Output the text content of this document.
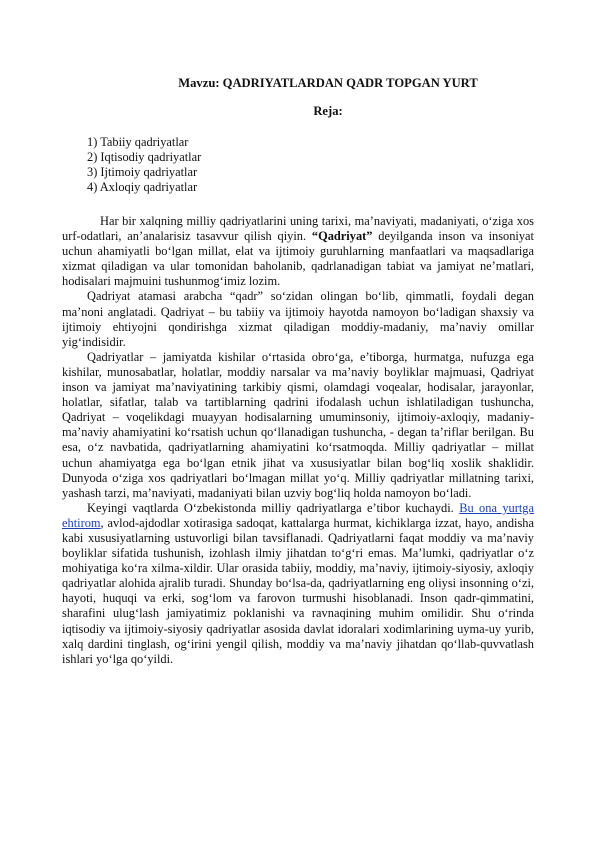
Mavzu: QADRIYATLARDAN QADR TOPGAN YURT
Reja:
1) Tabiiy qadriyatlar
2) Iqtisodiy qadriyatlar
3) Ijtimoiy qadriyatlar
4) Axloqiy qadriyatlar

Har bir xalqning milliy qadriyatlarini uning tarixi, ma’naviyati, madaniyati, o‘ziga xos urf-odatlari, an’analarisiz tasavvur qilish qiyin. “Qadriyat” deyilganda inson va insoniyat uchun ahamiyatli bo‘lgan millat, elat va ijtimoiy guruhlarning manfaatlari va maqsadlariga xizmat qiladigan va ular tomonidan baholanib, qadrlanadigan tabiat va jamiyat ne’matlari, hodisalari majmuini tushunmog‘imiz lozim.

Qadriyat atamasi arabcha “qadr” so‘zidan olingan bo‘lib, qimmatli, foydali degan ma’noni anglatadi. Qadriyat – bu tabiiy va ijtimoiy hayotda namoyon bo‘ladigan shaxsiy va ijtimoiy ehtiyojni qondirishga xizmat qiladigan moddiy-madaniy, ma’naviy omillar yig‘indisidir.

Qadriyatlar – jamiyatda kishilar o‘rtasida obro‘ga, e’tiborga, hurmatga, nufuzga ega kishilar, munosabatlar, holatlar, moddiy narsalar va ma’naviy boyliklar majmuasi, Qadriyat inson va jamiyat ma’naviyatining tarkibiy qismi, olamdagi voqealar, hodisalar, jarayonlar, holatlar, sifatlar, talab va tartiblarning qadrini ifodalash uchun ishlatiladigan tushuncha, Qadriyat – voqelikdagi muayyan hodisalarning umuminsoniy, ijtimoiy-axloqiy, madaniy-ma’naviy ahamiyatini ko‘rsatish uchun qo‘llanadigan tushuncha, - degan ta’riflar berilgan. Bu esa, o‘z navbatida, qadriyatlarning ahamiyatini ko‘rsatmoqda. Milliy qadriyatlar – millat uchun ahamiyatga ega bo‘lgan etnik jihat va xususiyatlar bilan bog‘liq xoslik shaklidir. Dunyoda o‘ziga xos qadriyatlari bo‘lmagan millat yo‘q. Milliy qadriyatlar millatning tarixi, yashash tarzi, ma’naviyati, madaniyati bilan uzviy bog‘liq holda namoyon bo‘ladi.

Keyingi vaqtlarda O‘zbekistonda milliy qadriyatlarga e’tibor kuchaydi. Bu ona yurtga ehtirom, avlod-ajdodlar xotirasiga sadoqat, kattalarga hurmat, kichiklarga izzat, hayo, andisha kabi xususiyatlarning ustuvorligi bilan tavsiflanadi. Qadriyatlarni faqat moddiy va ma’naviy boyliklar sifatida tushunish, izohlash ilmiy jihatdan to‘g‘ri emas. Ma’lumki, qadriyatlar o‘z mohiyatiga ko‘ra xilma-xildir. Ular orasida tabiiy, moddiy, ma’naviy, ijtimoiy-siyosiy, axloqiy qadriyatlar alohida ajralib turadi. Shunday bo‘lsa-da, qadriyatlarning eng oliysi insonning o‘zi, hayoti, huquqi va erki, sog‘lom va farovon turmushi hisoblanadi. Inson qadr-qimmatini, sharafini ulug‘lash jamiyatimiz poklanishi va ravnaqining muhim omilidir. Shu o‘rinda iqtisodiy va ijtimoiy-siyosiy qadriyatlar asosida davlat idoralari xodimlarining uyma-uy yurib, xalq dardini tinglash, og‘irini yengil qilish, moddiy va ma’naviy jihatdan qo‘llab-quvvatlash ishlari yo‘lga qo‘yildi.
